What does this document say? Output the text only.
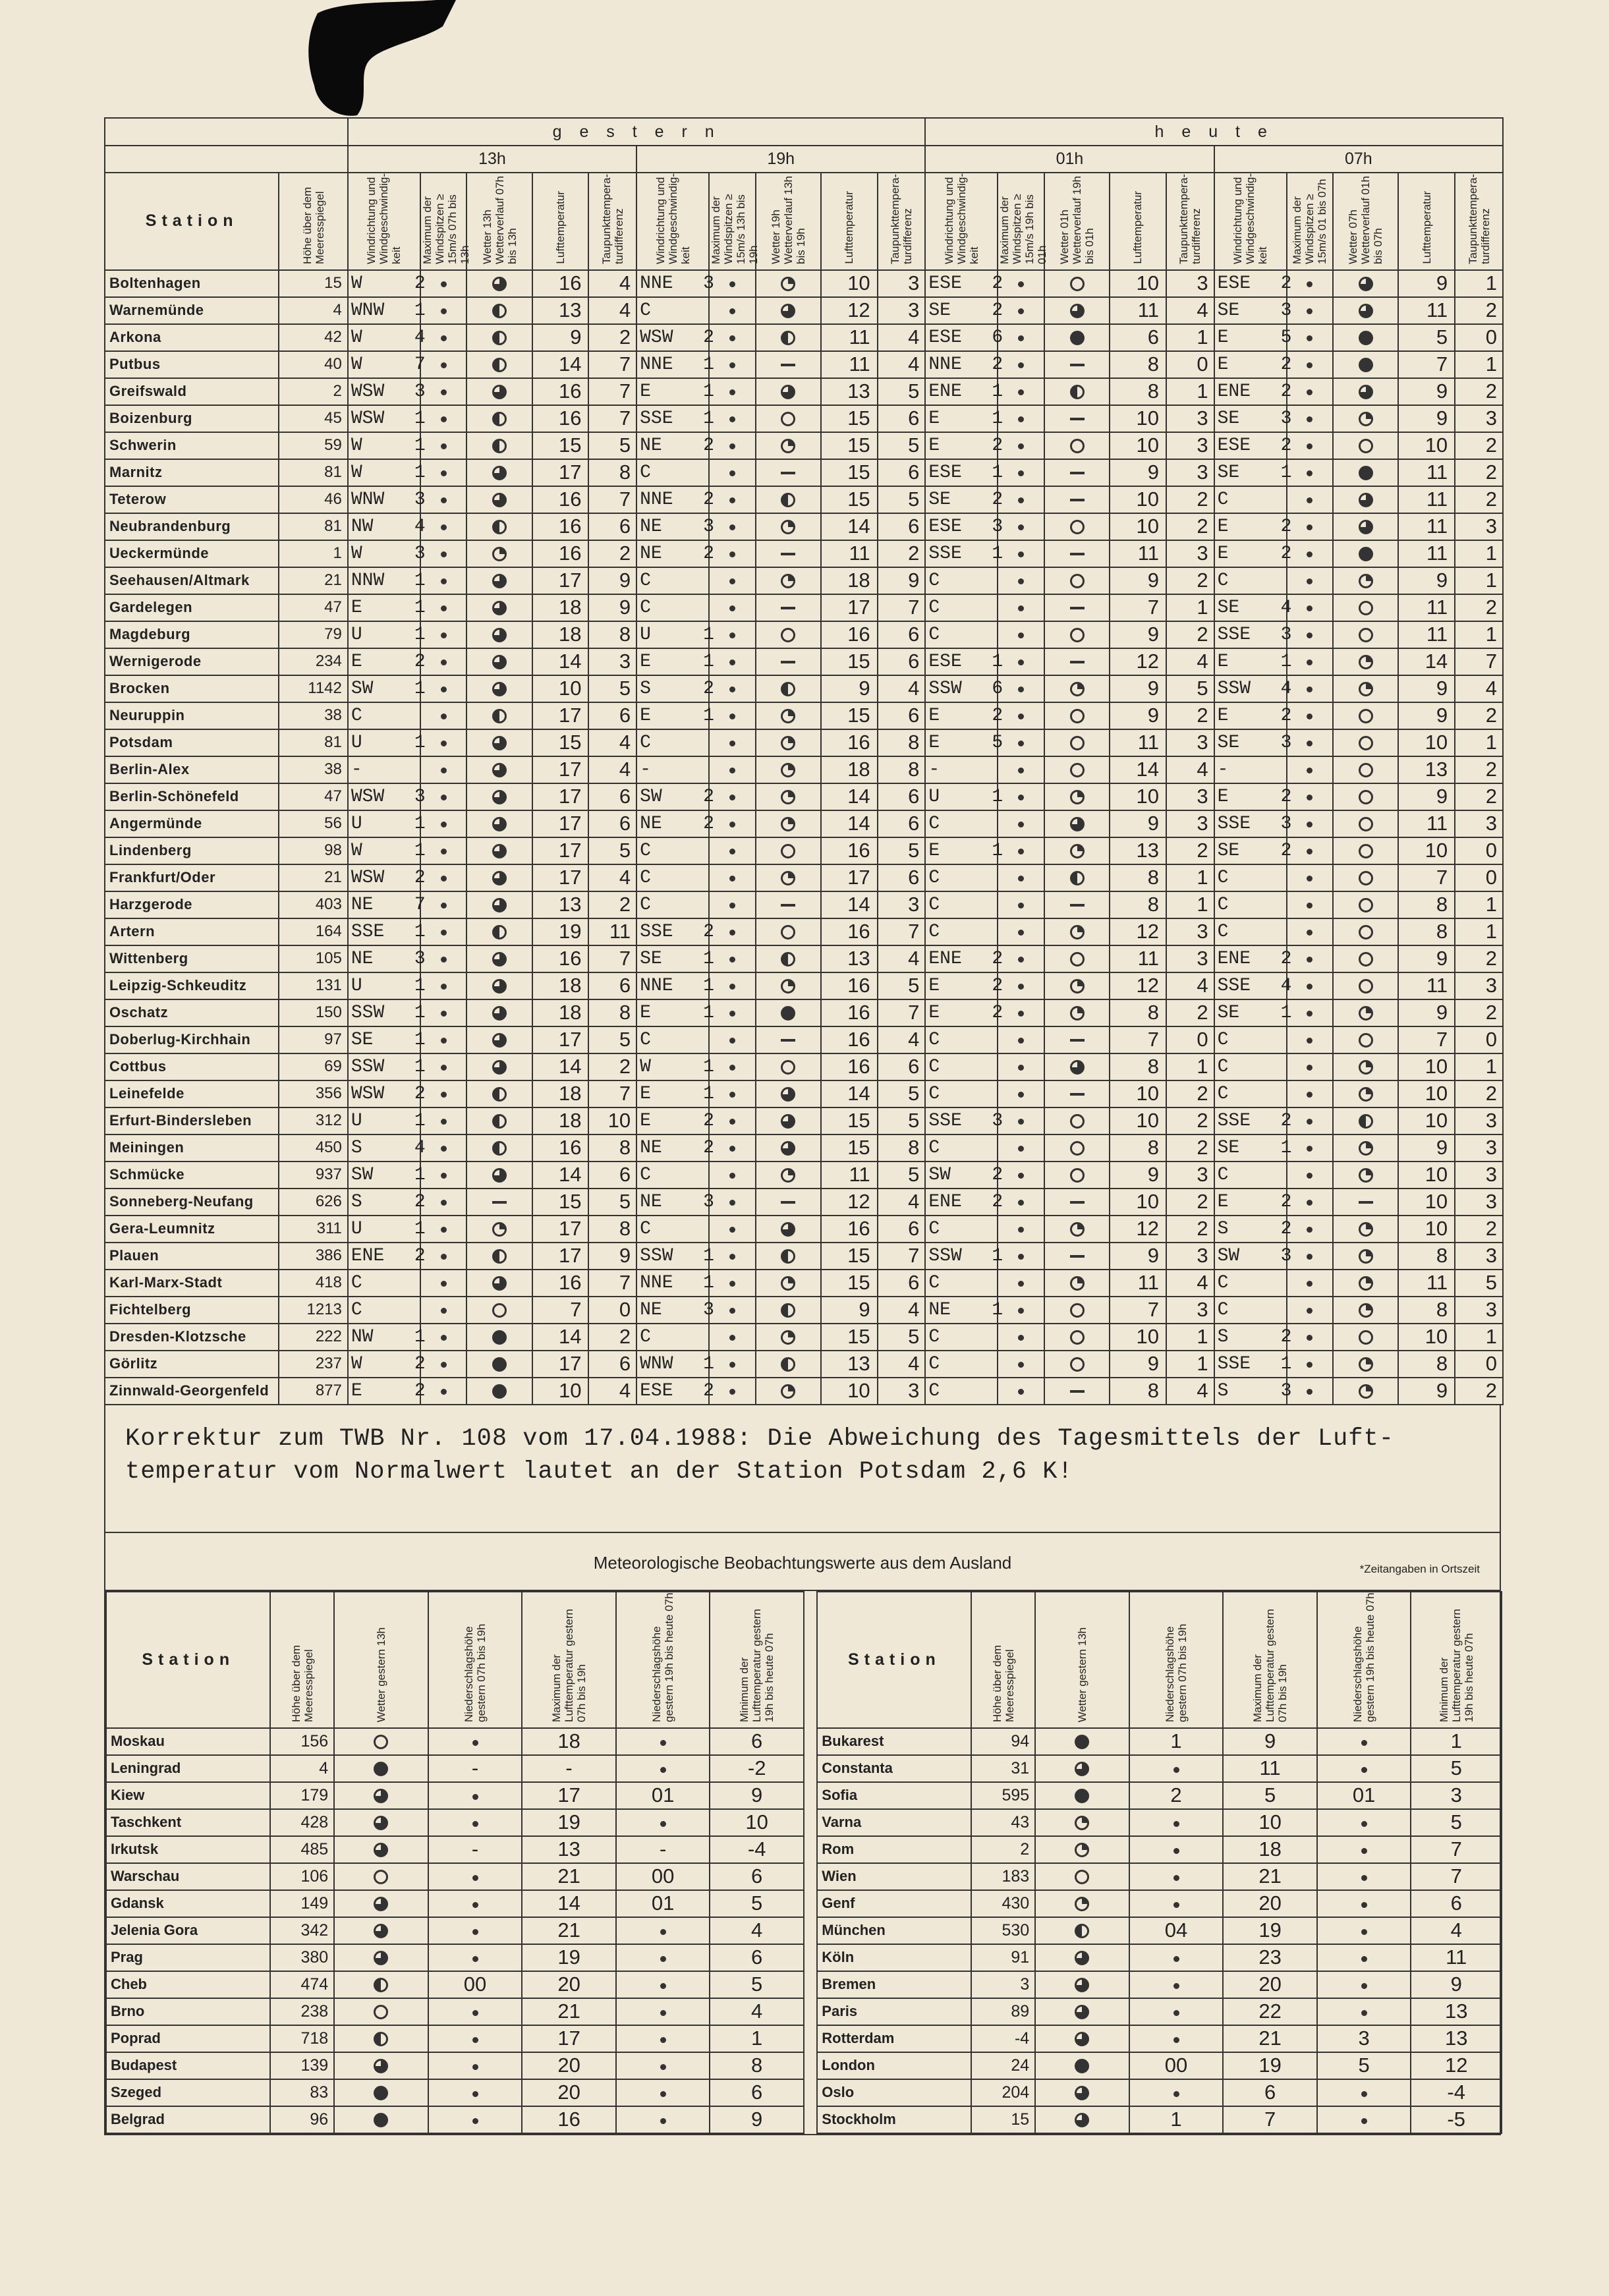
		g e s t e r n										h e u t e									
		13h					19h					01h					07h				
Station	Höhe über dem Meeresspiegel	Windrichtung und Windgeschwindig-keit	Maximum der Windspitzen ≥ 15m/s 07h bis 13h	Wetter 13h Wetterverlauf 07h bis 13h	Lufttemperatur	Taupunkttempera-turdifferenz	Windrichtung und Windgeschwindig-keit	Maximum der Windspitzen ≥ 15m/s 13h bis 19h	Wetter 19h Wetterverlauf 13h bis 19h	Lufttemperatur	Taupunkttempera-turdifferenz	Windrichtung und Windgeschwindig-keit	Maximum der Windspitzen ≥ 15m/s 19h bis 01h	Wetter 01h Wetterverlauf 19h bis 01h	Lufttemperatur	Taupunkttempera-turdifferenz	Windrichtung und Windgeschwindig-keit	Maximum der Windspitzen ≥ 15m/s 01 bis 07h	Wetter 07h Wetterverlauf 01h bis 07h	Lufttemperatur	Taupunkttempera-turdifferenz

Boltenhagen	15	W 2			16	4	NNE 3			10	3	ESE 2			10	3	ESE 2			9	1
Warnemünde	4	WNW 1			13	4	C			12	3	SE 2			11	4	SE 3			11	2
Arkona	42	W 4			9	2	WSW 2			11	4	ESE 6			6	1	E 5			5	0
Putbus	40	W 7			14	7	NNE 1			11	4	NNE 2			8	0	E 2			7	1
Greifswald	2	WSW 3			16	7	E 1			13	5	ENE 1			8	1	ENE 2			9	2
Boizenburg	45	WSW 1			16	7	SSE 1			15	6	E 1			10	3	SE 3			9	3
Schwerin	59	W 1			15	5	NE 2			15	5	E 2			10	3	ESE 2			10	2
Marnitz	81	W 1			17	8	C			15	6	ESE 1			9	3	SE 1			11	2
Teterow	46	WNW 3			16	7	NNE 2			15	5	SE 2			10	2	C			11	2
Neubrandenburg	81	NW 4			16	6	NE 3			14	6	ESE 3			10	2	E 2			11	3
Ueckermünde	1	W 3			16	2	NE 2			11	2	SSE 1			11	3	E 2			11	1
Seehausen/Altmark	21	NNW 1			17	9	C			18	9	C			9	2	C			9	1
Gardelegen	47	E 1			18	9	C			17	7	C			7	1	SE 4			11	2
Magdeburg	79	U 1			18	8	U 1			16	6	C			9	2	SSE 3			11	1
Wernigerode	234	E 2			14	3	E 1			15	6	ESE 1			12	4	E 1			14	7
Brocken	1142	SW 1			10	5	S 2			9	4	SSW 6			9	5	SSW 4			9	4
Neuruppin	38	C			17	6	E 1			15	6	E 2			9	2	E 2			9	2
Potsdam	81	U 1			15	4	C			16	8	E 5			11	3	SE 3			10	1
Berlin-Alex	38	-			17	4	-			18	8	-			14	4	-			13	2
Berlin-Schönefeld	47	WSW 3			17	6	SW 2			14	6	U 1			10	3	E 2			9	2
Angermünde	56	U 1			17	6	NE 2			14	6	C			9	3	SSE 3			11	3
Lindenberg	98	W 1			17	5	C			16	5	E 1			13	2	SE 2			10	0
Frankfurt/Oder	21	WSW 2			17	4	C			17	6	C			8	1	C			7	0
Harzgerode	403	NE 7			13	2	C			14	3	C			8	1	C			8	1
Artern	164	SSE 1			19	11	SSE 2			16	7	C			12	3	C			8	1
Wittenberg	105	NE 3			16	7	SE 1			13	4	ENE 2			11	3	ENE 2			9	2
Leipzig-Schkeuditz	131	U 1			18	6	NNE 1			16	5	E 2			12	4	SSE 4			11	3
Oschatz	150	SSW 1			18	8	E 1			16	7	E 2			8	2	SE 1			9	2
Doberlug-Kirchhain	97	SE 1			17	5	C			16	4	C			7	0	C			7	0
Cottbus	69	SSW 1			14	2	W 1			16	6	C			8	1	C			10	1
Leinefelde	356	WSW 2			18	7	E 1			14	5	C			10	2	C			10	2
Erfurt-Bindersleben	312	U 1			18	10	E 2			15	5	SSE 3			10	2	SSE 2			10	3
Meiningen	450	S 4			16	8	NE 2			15	8	C			8	2	SE 1			9	3
Schmücke	937	SW 1			14	6	C			11	5	SW 2			9	3	C			10	3
Sonneberg-Neufang	626	S 2			15	5	NE 3			12	4	ENE 2			10	2	E 2			10	3
Gera-Leumnitz	311	U 1			17	8	C			16	6	C			12	2	S 2			10	2
Plauen	386	ENE 2			17	9	SSW 1			15	7	SSW 1			9	3	SW 3			8	3
Karl-Marx-Stadt	418	C			16	7	NNE 1			15	6	C			11	4	C			11	5
Fichtelberg	1213	C			7	0	NE 3			9	4	NE 1			7	3	C			8	3
Dresden-Klotzsche	222	NW 1			14	2	C			15	5	C			10	1	S 2			10	1
Görlitz	237	W 2			17	6	WNW 1			13	4	C			9	1	SSE 1			8	0
Zinnwald-Georgenfeld	877	E 2			10	4	ESE 2			10	3	C			8	4	S 3			9	2
Korrektur zum TWB Nr. 108 vom 17.04.1988: Die Abweichung des Tagesmittels der Luft-
temperatur vom Normalwert lautet an der Station Potsdam 2,6 K!
Meteorologische Beobachtungswerte aus dem Ausland	*Zeitangaben in Ortszeit
Station	Höhe über dem Meeresspiegel	Wetter gestern 13h	Niederschlagshöhe gestern 07h bis 19h	Maximum der Lufttemperatur gestern 07h bis 19h	Niederschlagshöhe gestern 19h bis heute 07h	Minimum der Lufttemperatur gestern 19h bis heute 07h		Station	Höhe über dem Meeresspiegel	Wetter gestern 13h	Niederschlagshöhe gestern 07h bis 19h	Maximum der Lufttemperatur gestern 07h bis 19h	Niederschlagshöhe gestern 19h bis heute 07h	Minimum der Lufttemperatur gestern 19h bis heute 07h

Moskau	156			18		6		Bukarest	94		1	9		1
Leningrad	4		-	-		-2		Constanta	31			11		5
Kiew	179			17	01	9		Sofia	595		2	5	01	3
Taschkent	428			19		10		Varna	43			10		5
Irkutsk	485		-	13	-	-4		Rom	2			18		7
Warschau	106			21	00	6		Wien	183			21		7
Gdansk	149			14	01	5		Genf	430			20		6
Jelenia Gora	342			21		4		München	530		04	19		4
Prag	380			19		6		Köln	91			23		11
Cheb	474		00	20		5		Bremen	3			20		9
Brno	238			21		4		Paris	89			22		13
Poprad	718			17		1		Rotterdam	-4			21	3	13
Budapest	139			20		8		London	24		00	19	5	12
Szeged	83			20		6		Oslo	204			6		-4
Belgrad	96			16		9		Stockholm	15		1	7		-5
